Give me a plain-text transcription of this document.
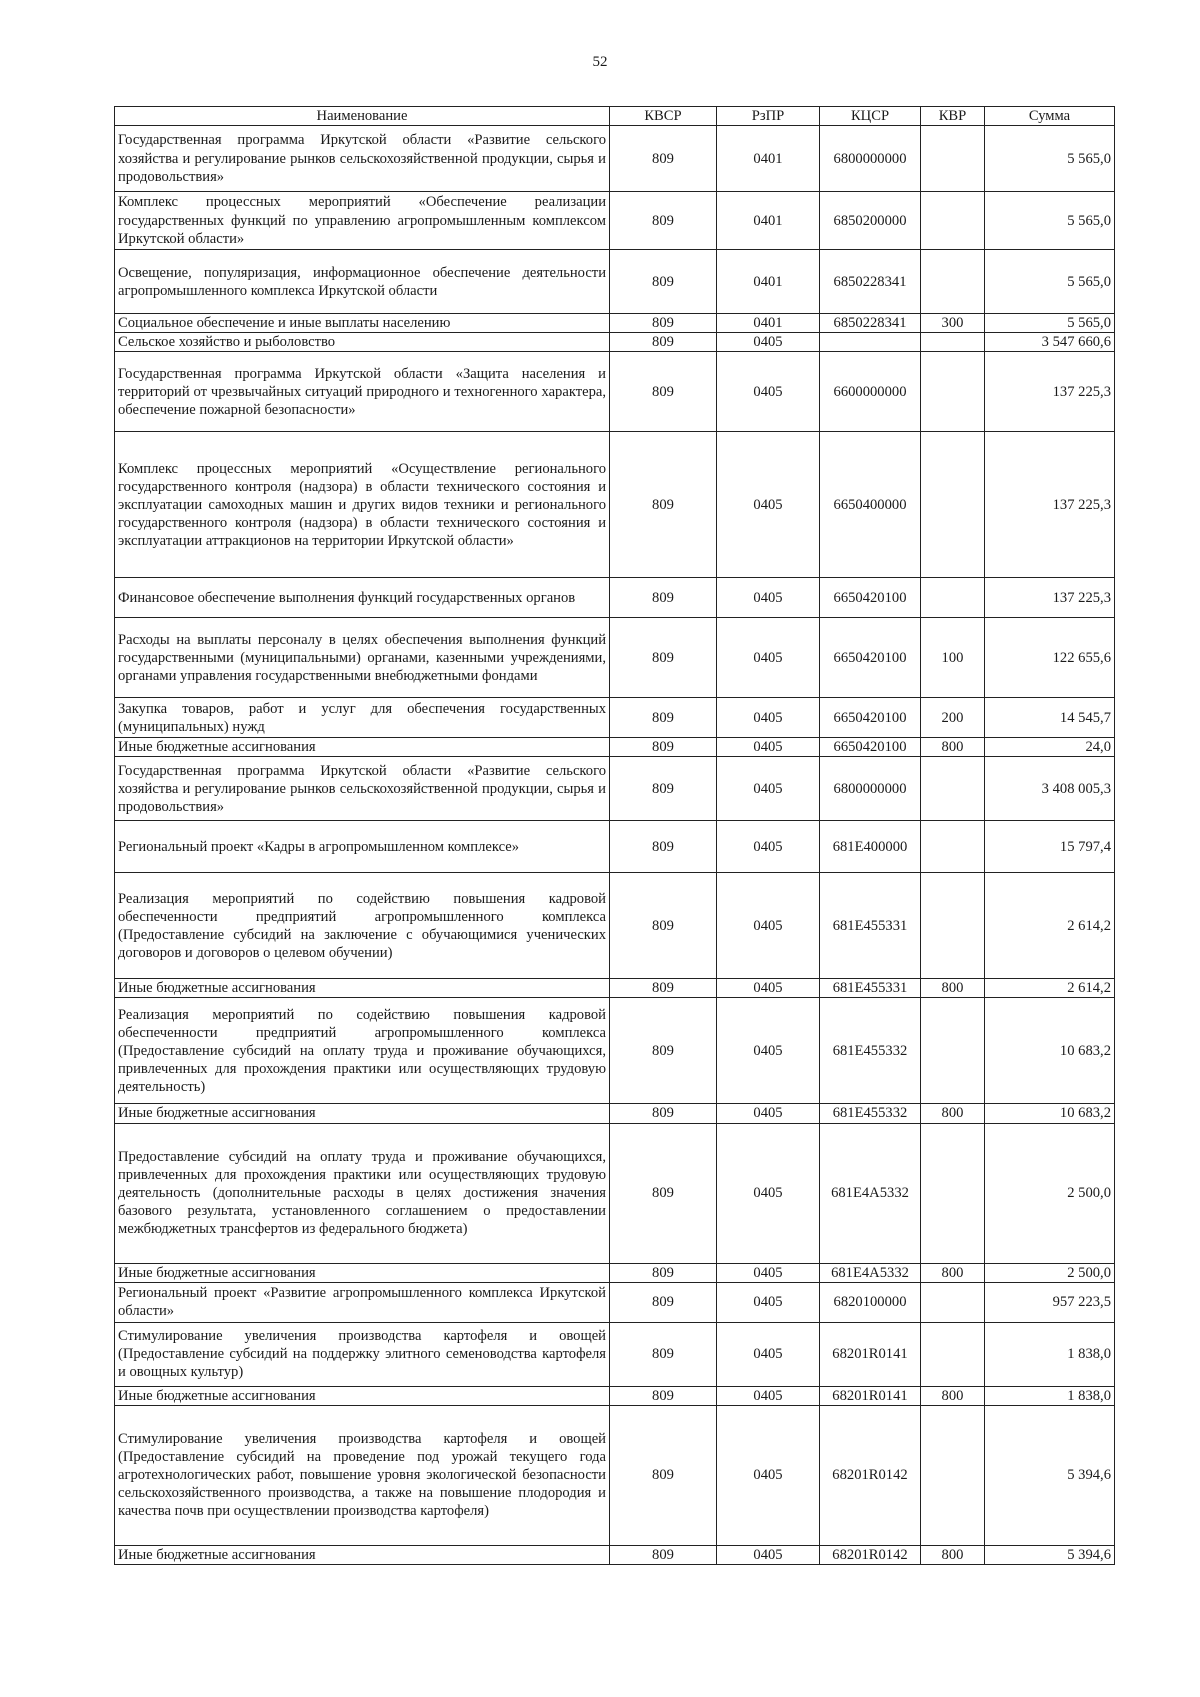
52
Наименование	КВСР	РзПР	КЦСР	КВР	Сумма
Государственная программа Иркутской области «Развитие сельского хозяйства и регулирование рынков сельскохозяйственной продукции, сырья и продовольствия»	809	0401	6800000000		5 565,0
Комплекс процессных мероприятий «Обеспечение реализации государственных функций по управлению агропромышленным комплексом Иркутской области»	809	0401	6850200000		5 565,0
Освещение, популяризация, информационное обеспечение деятельности агропромышленного комплекса Иркутской области	809	0401	6850228341		5 565,0
Социальное обеспечение и иные выплаты населению	809	0401	6850228341	300	5 565,0
Сельское хозяйство и рыболовство	809	0405			3 547 660,6
Государственная программа Иркутской области «Защита населения и территорий от чрезвычайных ситуаций природного и техногенного характера, обеспечение пожарной безопасности»	809	0405	6600000000		137 225,3
Комплекс процессных мероприятий «Осуществление регионального государственного контроля (надзора) в области технического состояния и эксплуатации самоходных машин и других видов техники и регионального государственного контроля (надзора) в области технического состояния и эксплуатации аттракционов на территории Иркутской области»	809	0405	6650400000		137 225,3
Финансовое обеспечение выполнения функций государственных органов	809	0405	6650420100		137 225,3
Расходы на выплаты персоналу в целях обеспечения выполнения функций государственными (муниципальными) органами, казенными учреждениями, органами управления государственными внебюджетными фондами	809	0405	6650420100	100	122 655,6
Закупка товаров, работ и услуг для обеспечения государственных (муниципальных) нужд	809	0405	6650420100	200	14 545,7
Иные бюджетные ассигнования	809	0405	6650420100	800	24,0
Государственная программа Иркутской области «Развитие сельского хозяйства и регулирование рынков сельскохозяйственной продукции, сырья и продовольствия»	809	0405	6800000000		3 408 005,3
Региональный проект «Кадры в агропромышленном комплексе»	809	0405	681Е400000		15 797,4
Реализация мероприятий по содействию повышения кадровой обеспеченности предприятий агропромышленного комплекса (Предоставление субсидий на заключение с обучающимися ученических договоров и договоров о целевом обучении)	809	0405	681Е455331		2 614,2
Иные бюджетные ассигнования	809	0405	681Е455331	800	2 614,2
Реализация мероприятий по содействию повышения кадровой обеспеченности предприятий агропромышленного комплекса (Предоставление субсидий на оплату труда и проживание обучающихся, привлеченных для прохождения практики или осуществляющих трудовую деятельность)	809	0405	681Е455332		10 683,2
Иные бюджетные ассигнования	809	0405	681Е455332	800	10 683,2
Предоставление субсидий на оплату труда и проживание обучающихся, привлеченных для прохождения практики или осуществляющих трудовую деятельность (дополнительные расходы в целях достижения значения базового результата, установленного соглашением о предоставлении межбюджетных трансфертов из федерального бюджета)	809	0405	681Е4А5332		2 500,0
Иные бюджетные ассигнования	809	0405	681Е4А5332	800	2 500,0
Региональный проект «Развитие агропромышленного комплекса Иркутской области»	809	0405	6820100000		957 223,5
Стимулирование увеличения производства картофеля и овощей (Предоставление субсидий на поддержку элитного семеноводства картофеля и овощных культур)	809	0405	68201R0141		1 838,0
Иные бюджетные ассигнования	809	0405	68201R0141	800	1 838,0
Стимулирование увеличения производства картофеля и овощей (Предоставление субсидий на проведение под урожай текущего года агротехнологических работ, повышение уровня экологической безопасности сельскохозяйственного производства, а также на повышение плодородия и качества почв при осуществлении производства картофеля)	809	0405	68201R0142		5 394,6
Иные бюджетные ассигнования	809	0405	68201R0142	800	5 394,6
